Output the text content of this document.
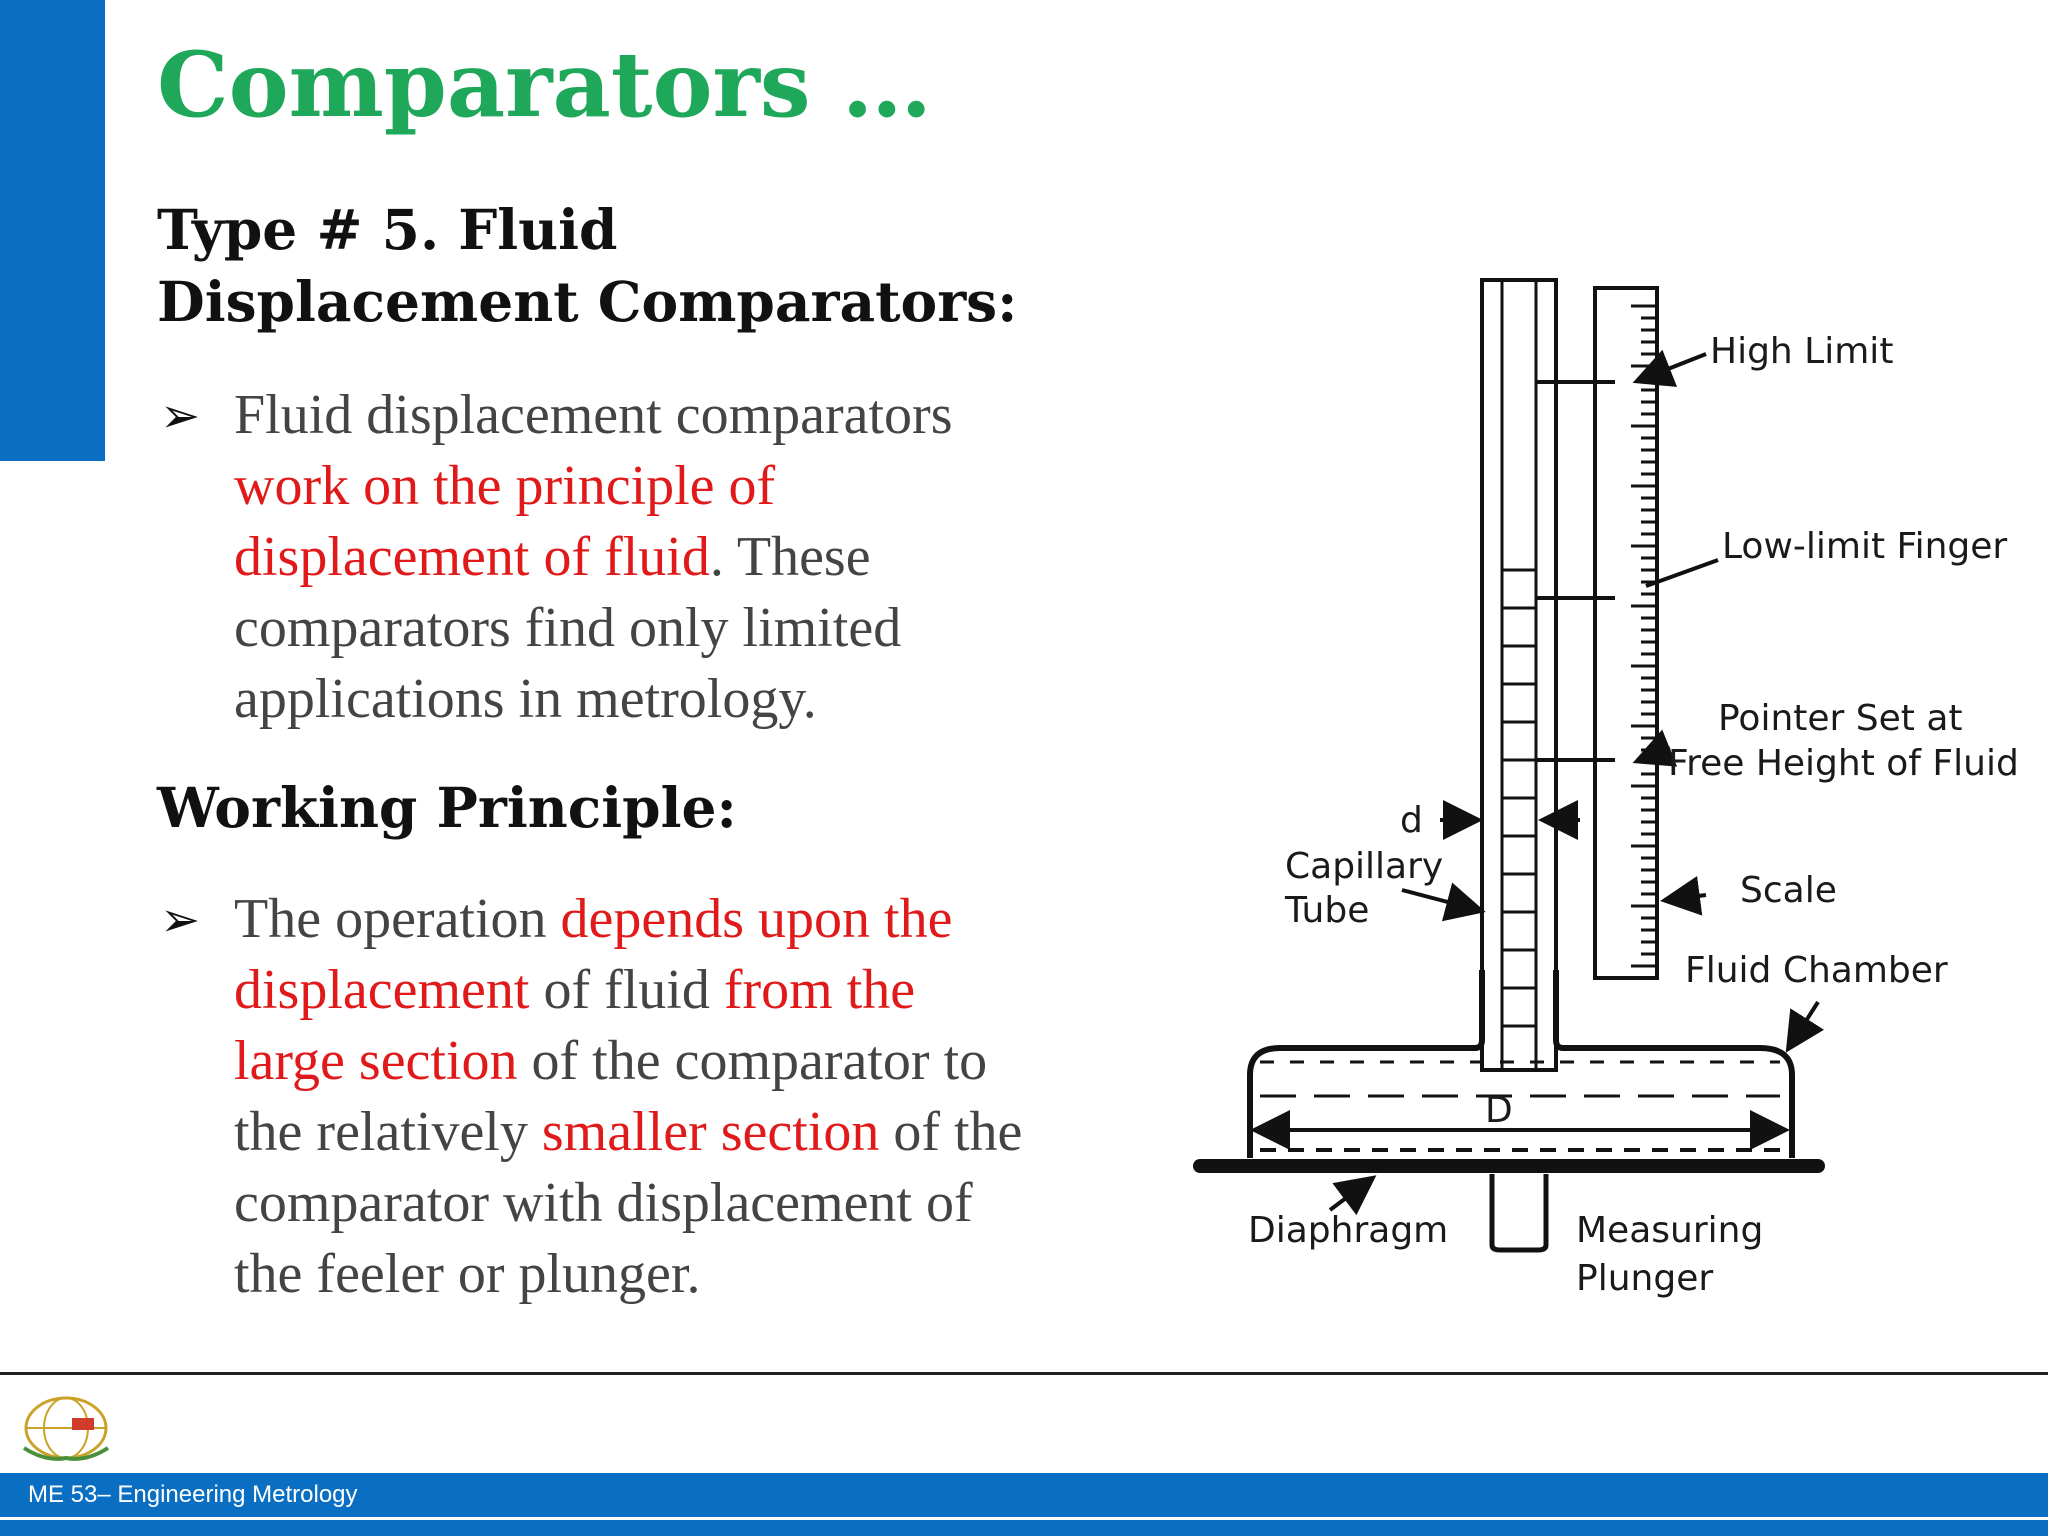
Comparators …
Type # 5. Fluid
Displacement Comparators:
➢ Fluid displacement comparators
work on the principle of
displacement of fluid. These
comparators find only limited
applications in metrology.

Working Principle:
➢ The operation depends upon the
displacement of fluid from the
large section of the comparator to
the relatively smaller section of the
comparator with displacement of
the feeler or plunger.

High Limit
Low-limit Finger
Pointer Set at
Free Height of Fluid
d
Capillary
Tube	Scale
Fluid Chamber
D
Diaphragm	Measuring
Plunger
ME 53– Engineering Metrology
